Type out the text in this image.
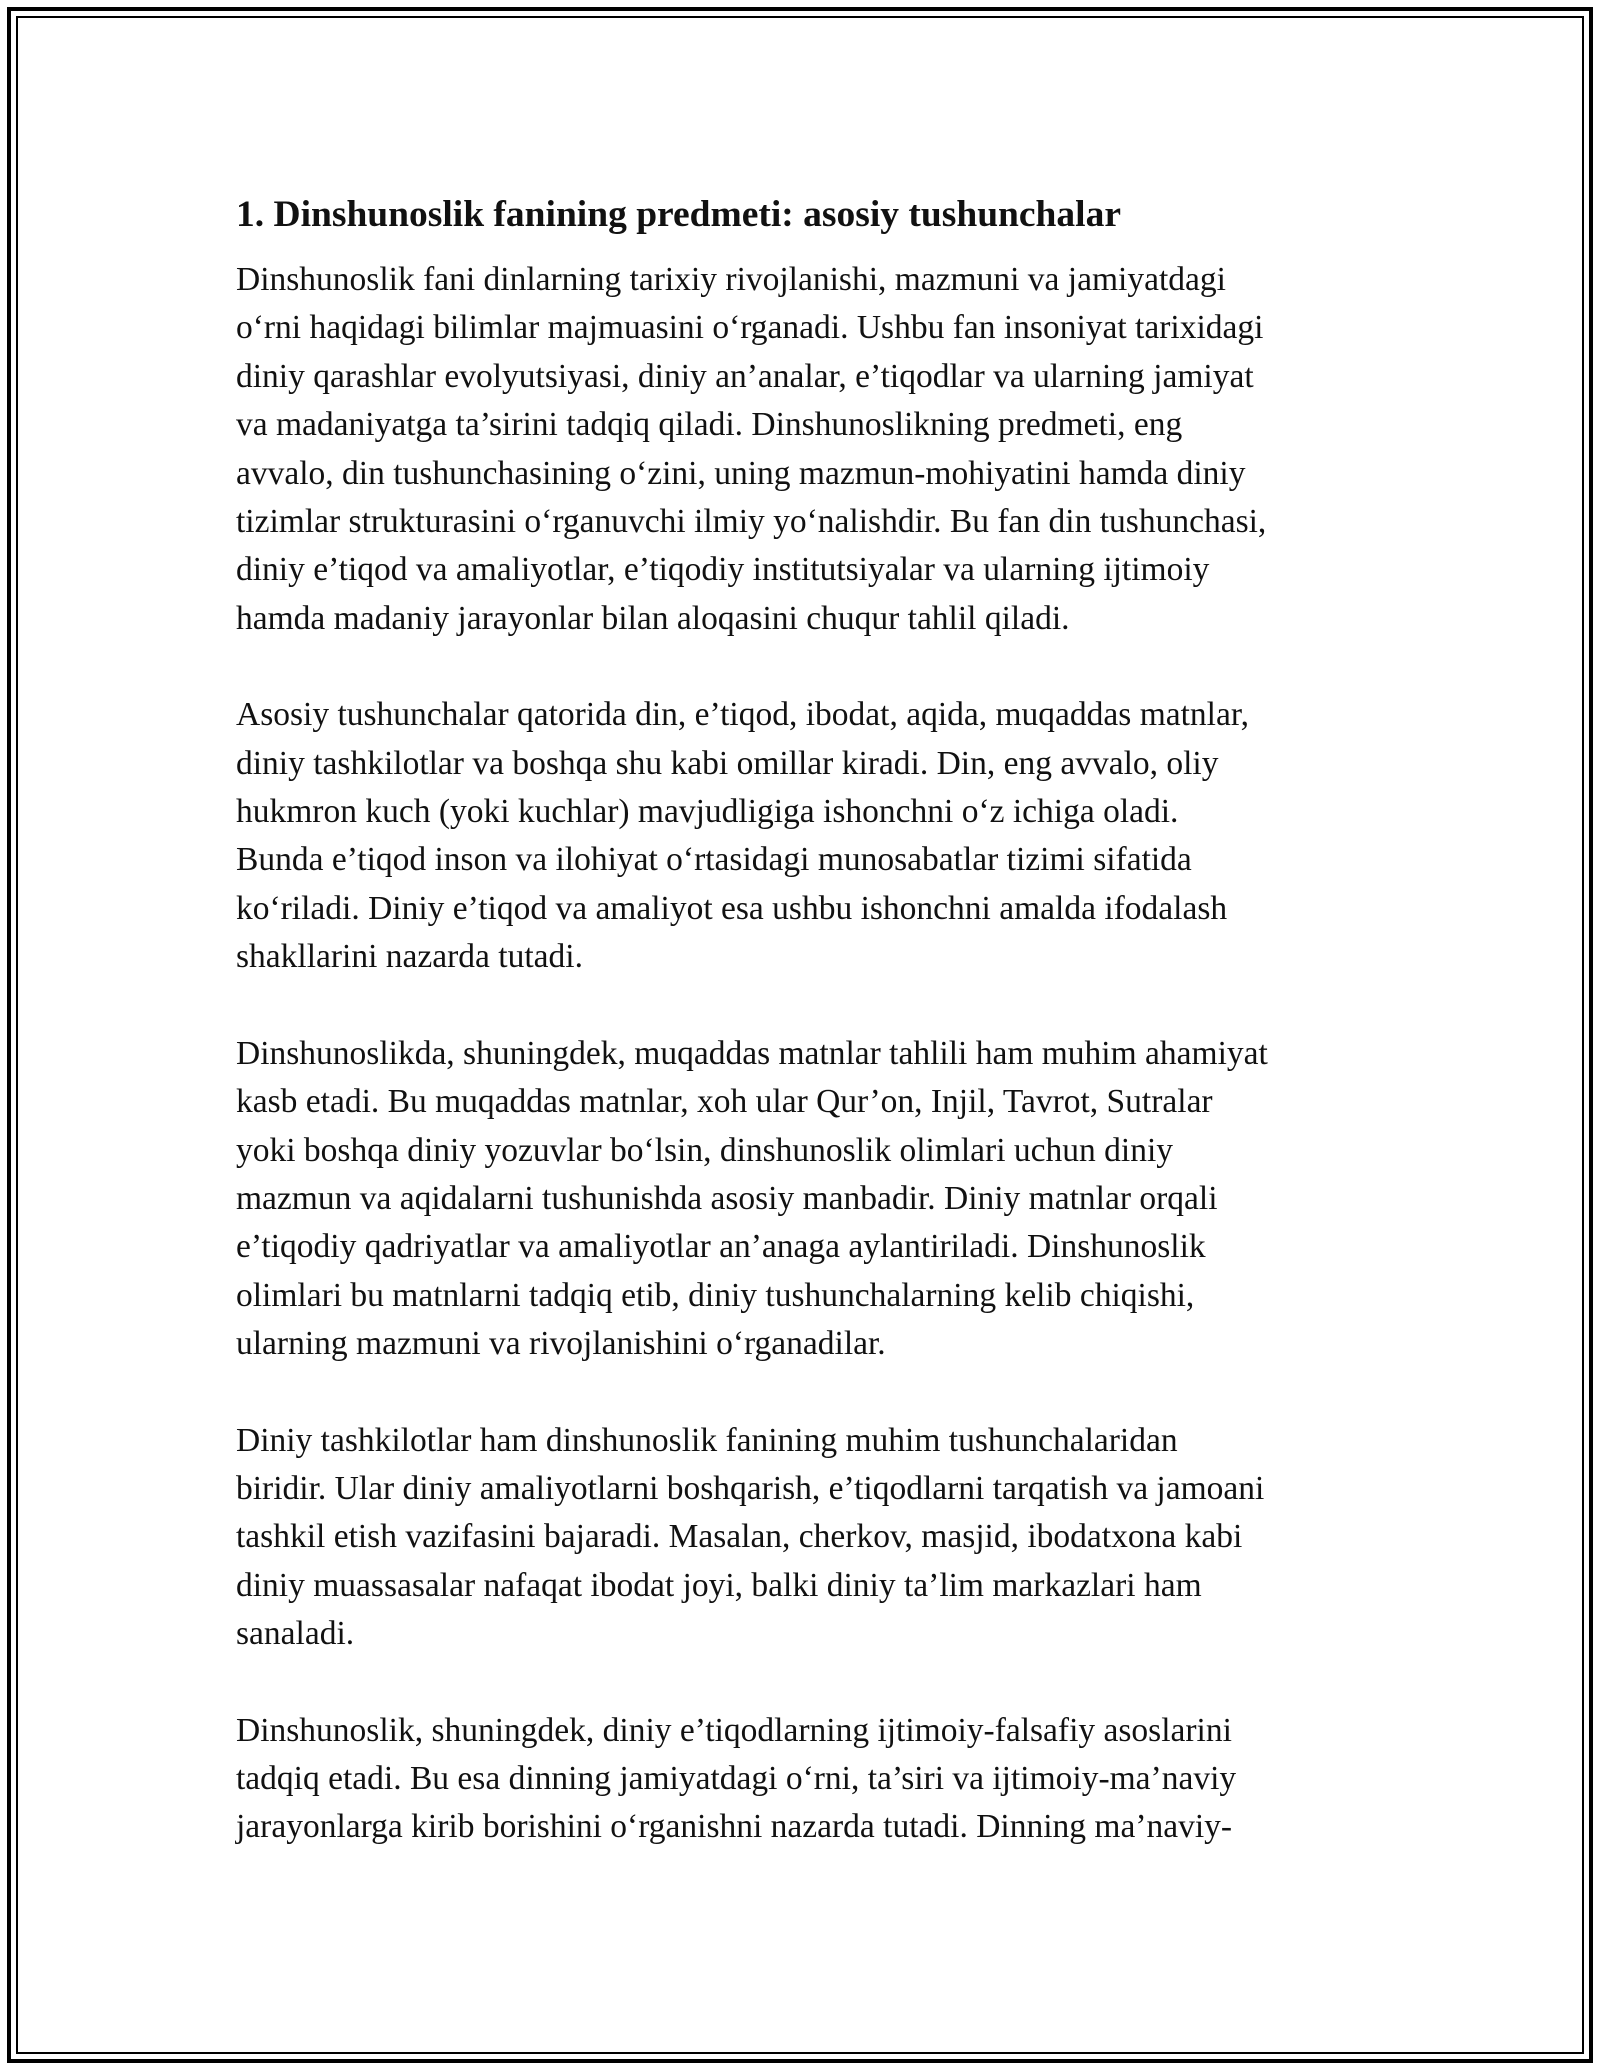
1. Dinshunoslik fanining predmeti: asosiy tushunchalar

Dinshunoslik fani dinlarning tarixiy rivojlanishi, mazmuni va jamiyatdagi
o‘rni haqidagi bilimlar majmuasini o‘rganadi. Ushbu fan insoniyat tarixidagi
diniy qarashlar evolyutsiyasi, diniy an’analar, e’tiqodlar va ularning jamiyat
va madaniyatga ta’sirini tadqiq qiladi. Dinshunoslikning predmeti, eng
avvalo, din tushunchasining o‘zini, uning mazmun-mohiyatini hamda diniy
tizimlar strukturasini o‘rganuvchi ilmiy yo‘nalishdir. Bu fan din tushunchasi,
diniy e’tiqod va amaliyotlar, e’tiqodiy institutsiyalar va ularning ijtimoiy
hamda madaniy jarayonlar bilan aloqasini chuqur tahlil qiladi.

Asosiy tushunchalar qatorida din, e’tiqod, ibodat, aqida, muqaddas matnlar,
diniy tashkilotlar va boshqa shu kabi omillar kiradi. Din, eng avvalo, oliy
hukmron kuch (yoki kuchlar) mavjudligiga ishonchni o‘z ichiga oladi.
Bunda e’tiqod inson va ilohiyat o‘rtasidagi munosabatlar tizimi sifatida
ko‘riladi. Diniy e’tiqod va amaliyot esa ushbu ishonchni amalda ifodalash
shakllarini nazarda tutadi.

Dinshunoslikda, shuningdek, muqaddas matnlar tahlili ham muhim ahamiyat
kasb etadi. Bu muqaddas matnlar, xoh ular Qur’on, Injil, Tavrot, Sutralar
yoki boshqa diniy yozuvlar bo‘lsin, dinshunoslik olimlari uchun diniy
mazmun va aqidalarni tushunishda asosiy manbadir. Diniy matnlar orqali
e’tiqodiy qadriyatlar va amaliyotlar an’anaga aylantiriladi. Dinshunoslik
olimlari bu matnlarni tadqiq etib, diniy tushunchalarning kelib chiqishi,
ularning mazmuni va rivojlanishini o‘rganadilar.

Diniy tashkilotlar ham dinshunoslik fanining muhim tushunchalaridan
biridir. Ular diniy amaliyotlarni boshqarish, e’tiqodlarni tarqatish va jamoani
tashkil etish vazifasini bajaradi. Masalan, cherkov, masjid, ibodatxona kabi
diniy muassasalar nafaqat ibodat joyi, balki diniy ta’lim markazlari ham
sanaladi.

Dinshunoslik, shuningdek, diniy e’tiqodlarning ijtimoiy-falsafiy asoslarini
tadqiq etadi. Bu esa dinning jamiyatdagi o‘rni, ta’siri va ijtimoiy-ma’naviy
jarayonlarga kirib borishini o‘rganishni nazarda tutadi. Dinning ma’naviy-
